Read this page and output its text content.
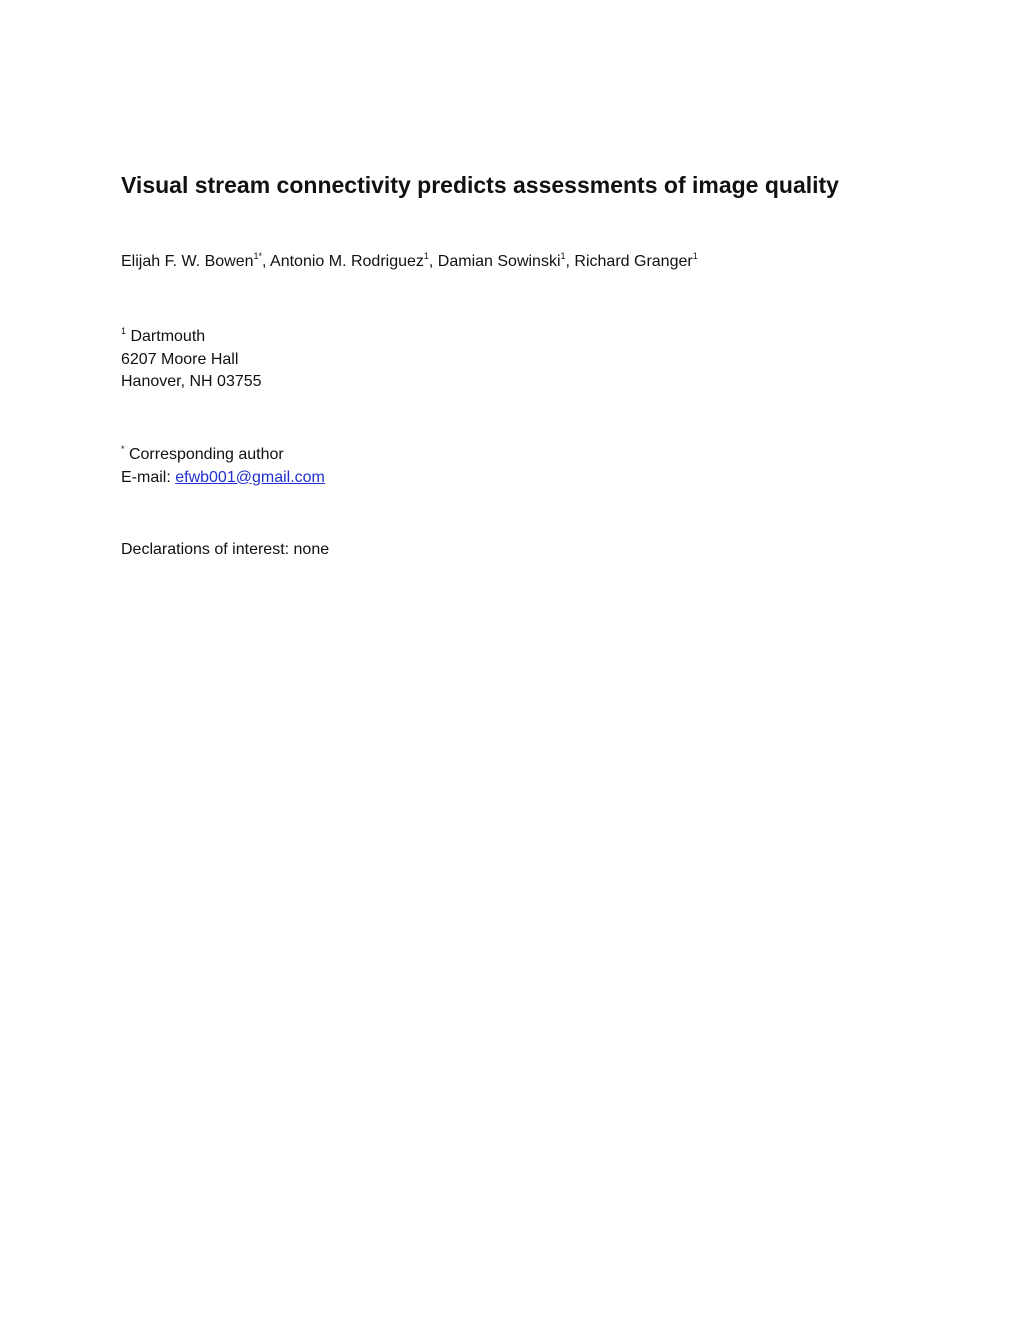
Visual stream connectivity predicts assessments of image quality
Elijah F. W. Bowen$^{1*}$, Antonio M. Rodriguez$^1$, Damian Sowinski$^1$, Richard Granger$^1$
$^1$ Dartmouth
6207 Moore Hall
Hanover, NH 03755
* Corresponding author
E-mail: efwb001@gmail.com
Declarations of interest: none
